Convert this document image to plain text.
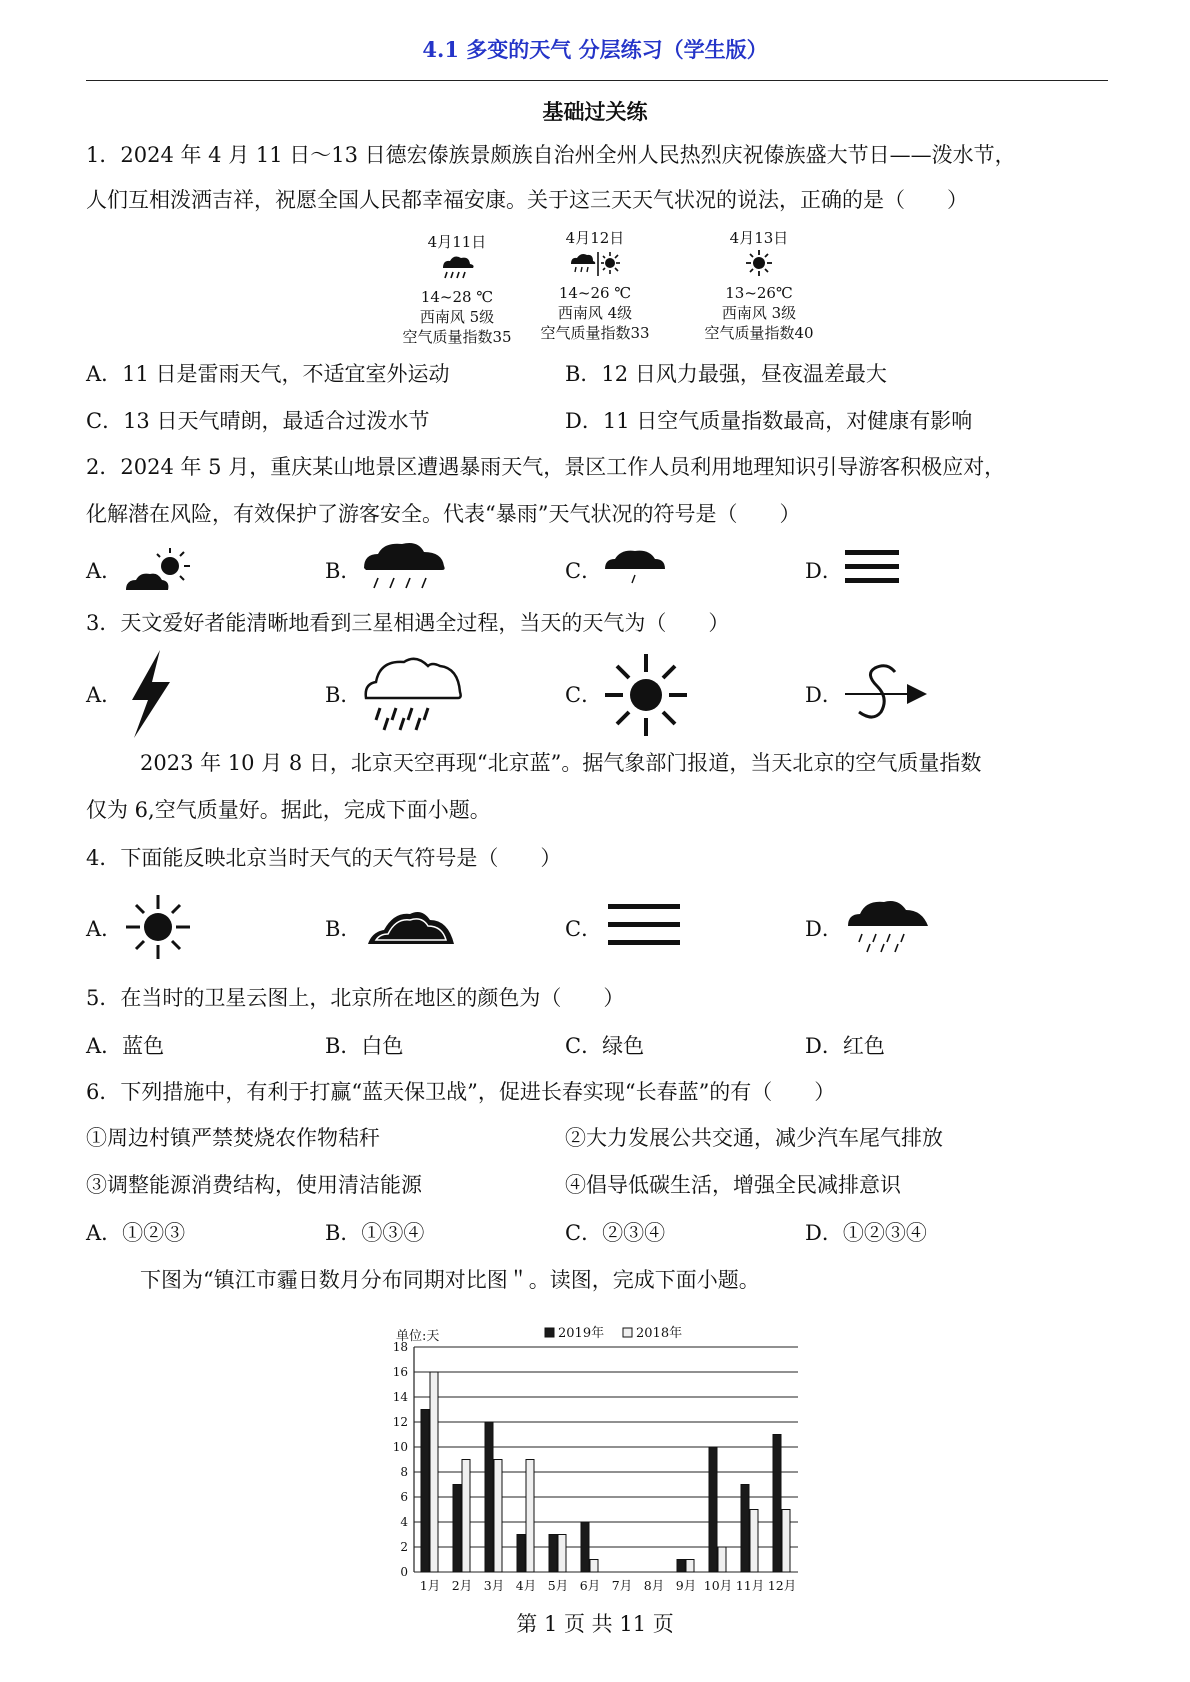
4.1 多变的天气 分层练习（学生版）
基础过关练
1．2024 年 4 月 11 日～13 日德宏傣族景颇族自治州全州人民热烈庆祝傣族盛大节日——泼水节，
人们互相泼洒吉祥，祝愿全国人民都幸福安康。关于这三天天气状况的说法，正确的是（　　）
4月11日
14~28 ℃
西南风 5级
空气质量指数35
4月12日
14~26 ℃
西南风 4级
空气质量指数33
4月13日
13~26℃
西南风 3级
空气质量指数40
A．11 日是雷雨天气，不适宜室外运动	B．12 日风力最强，昼夜温差最大
C．13 日天气晴朗，最适合过泼水节	D．11 日空气质量指数最高，对健康有影响
2．2024 年 5 月，重庆某山地景区遭遇暴雨天气，景区工作人员利用地理知识引导游客积极应对，
化解潜在风险，有效保护了游客安全。代表“暴雨”天气状况的符号是（　　）
A．	B．	C．	D．
3．天文爱好者能清晰地看到三星相遇全过程，当天的天气为（　　）
A．	B．	C．	D．
2023 年 10 月 8 日，北京天空再现“北京蓝”。据气象部门报道，当天北京的空气质量指数
仅为 6,空气质量好。据此，完成下面小题。
4．下面能反映北京当时天气的天气符号是（　　）
A．	B．	C．	D．
5．在当时的卫星云图上，北京所在地区的颜色为（　　）
A．蓝色	B．白色	C．绿色	D．红色
6．下列措施中，有利于打赢“蓝天保卫战”，促进长春实现“长春蓝”的有（　　）
①周边村镇严禁焚烧农作物秸秆	②大力发展公共交通，减少汽车尾气排放
③调整能源消费结构，使用清洁能源	④倡导低碳生活，增强全民减排意识
A．①②③	B．①③④	C．②③④	D．①②③④
下图为“镇江市霾日数月分布同期对比图＂。读图，完成下面小题。
0
2
4
6
8
10
12
14
16
18
单位:天	2019年 2018年
1月 2月 3月 4月 5月 6月 7月 8月 9月 10月 11月 12月
第 1 页 共 11 页
